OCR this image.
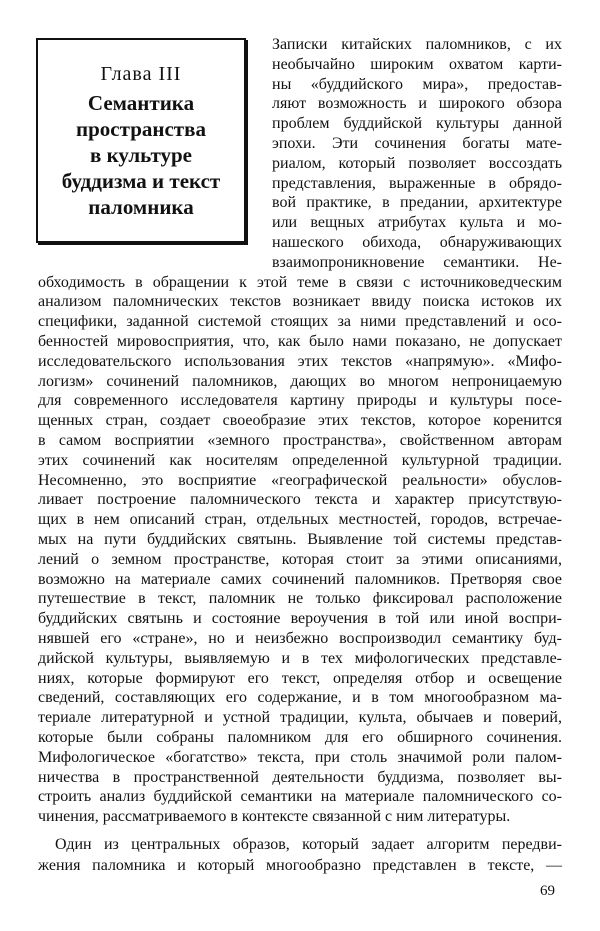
Глава III
Семантика
пространства
в культуре
буддизма и текст
паломника
Записки китайских паломников, с их
необычайно широким охватом карти-
ны «буддийского мира», предостав-
ляют возможность и широкого обзора
проблем буддийской культуры данной
эпохи. Эти сочинения богаты мате-
риалом, который позволяет воссоздать
представления, выраженные в обрядо-
вой практике, в предании, архитектуре
или вещных атрибутах культа и мо-
нашеского обихода, обнаруживающих
взаимопроникновение семантики. Не-
обходимость в обращении к этой теме в связи с источниковедческим
анализом паломнических текстов возникает ввиду поиска истоков их
специфики, заданной системой стоящих за ними представлений и осо-
бенностей мировосприятия, что, как было нами показано, не допускает
исследовательского использования этих текстов «напрямую». «Мифо-
логизм» сочинений паломников, дающих во многом непроницаемую
для современного исследователя картину природы и культуры посе-
щенных стран, создает своеобразие этих текстов, которое коренится
в самом восприятии «земного пространства», свойственном авторам
этих сочинений как носителям определенной культурной традиции.
Несомненно, это восприятие «географической реальности» обуслов-
ливает построение паломнического текста и характер присутствую-
щих в нем описаний стран, отдельных местностей, городов, встречае-
мых на пути буддийских святынь. Выявление той системы представ-
лений о земном пространстве, которая стоит за этими описаниями,
возможно на материале самих сочинений паломников. Претворяя свое
путешествие в текст, паломник не только фиксировал расположение
буддийских святынь и состояние вероучения в той или иной воспри-
нявшей его «стране», но и неизбежно воспроизводил семантику буд-
дийской культуры, выявляемую и в тех мифологических представле-
ниях, которые формируют его текст, определяя отбор и освещение
сведений, составляющих его содержание, и в том многообразном ма-
териале литературной и устной традиции, культа, обычаев и поверий,
которые были собраны паломником для его обширного сочинения.
Мифологическое «богатство» текста, при столь значимой роли палом-
ничества в пространственной деятельности буддизма, позволяет вы-
строить анализ буддийской семантики на материале паломнического со-
чинения, рассматриваемого в контексте связанной с ним литературы.
Один из центральных образов, который задает алгоритм передви-
жения паломника и который многообразно представлен в тексте, —
69
